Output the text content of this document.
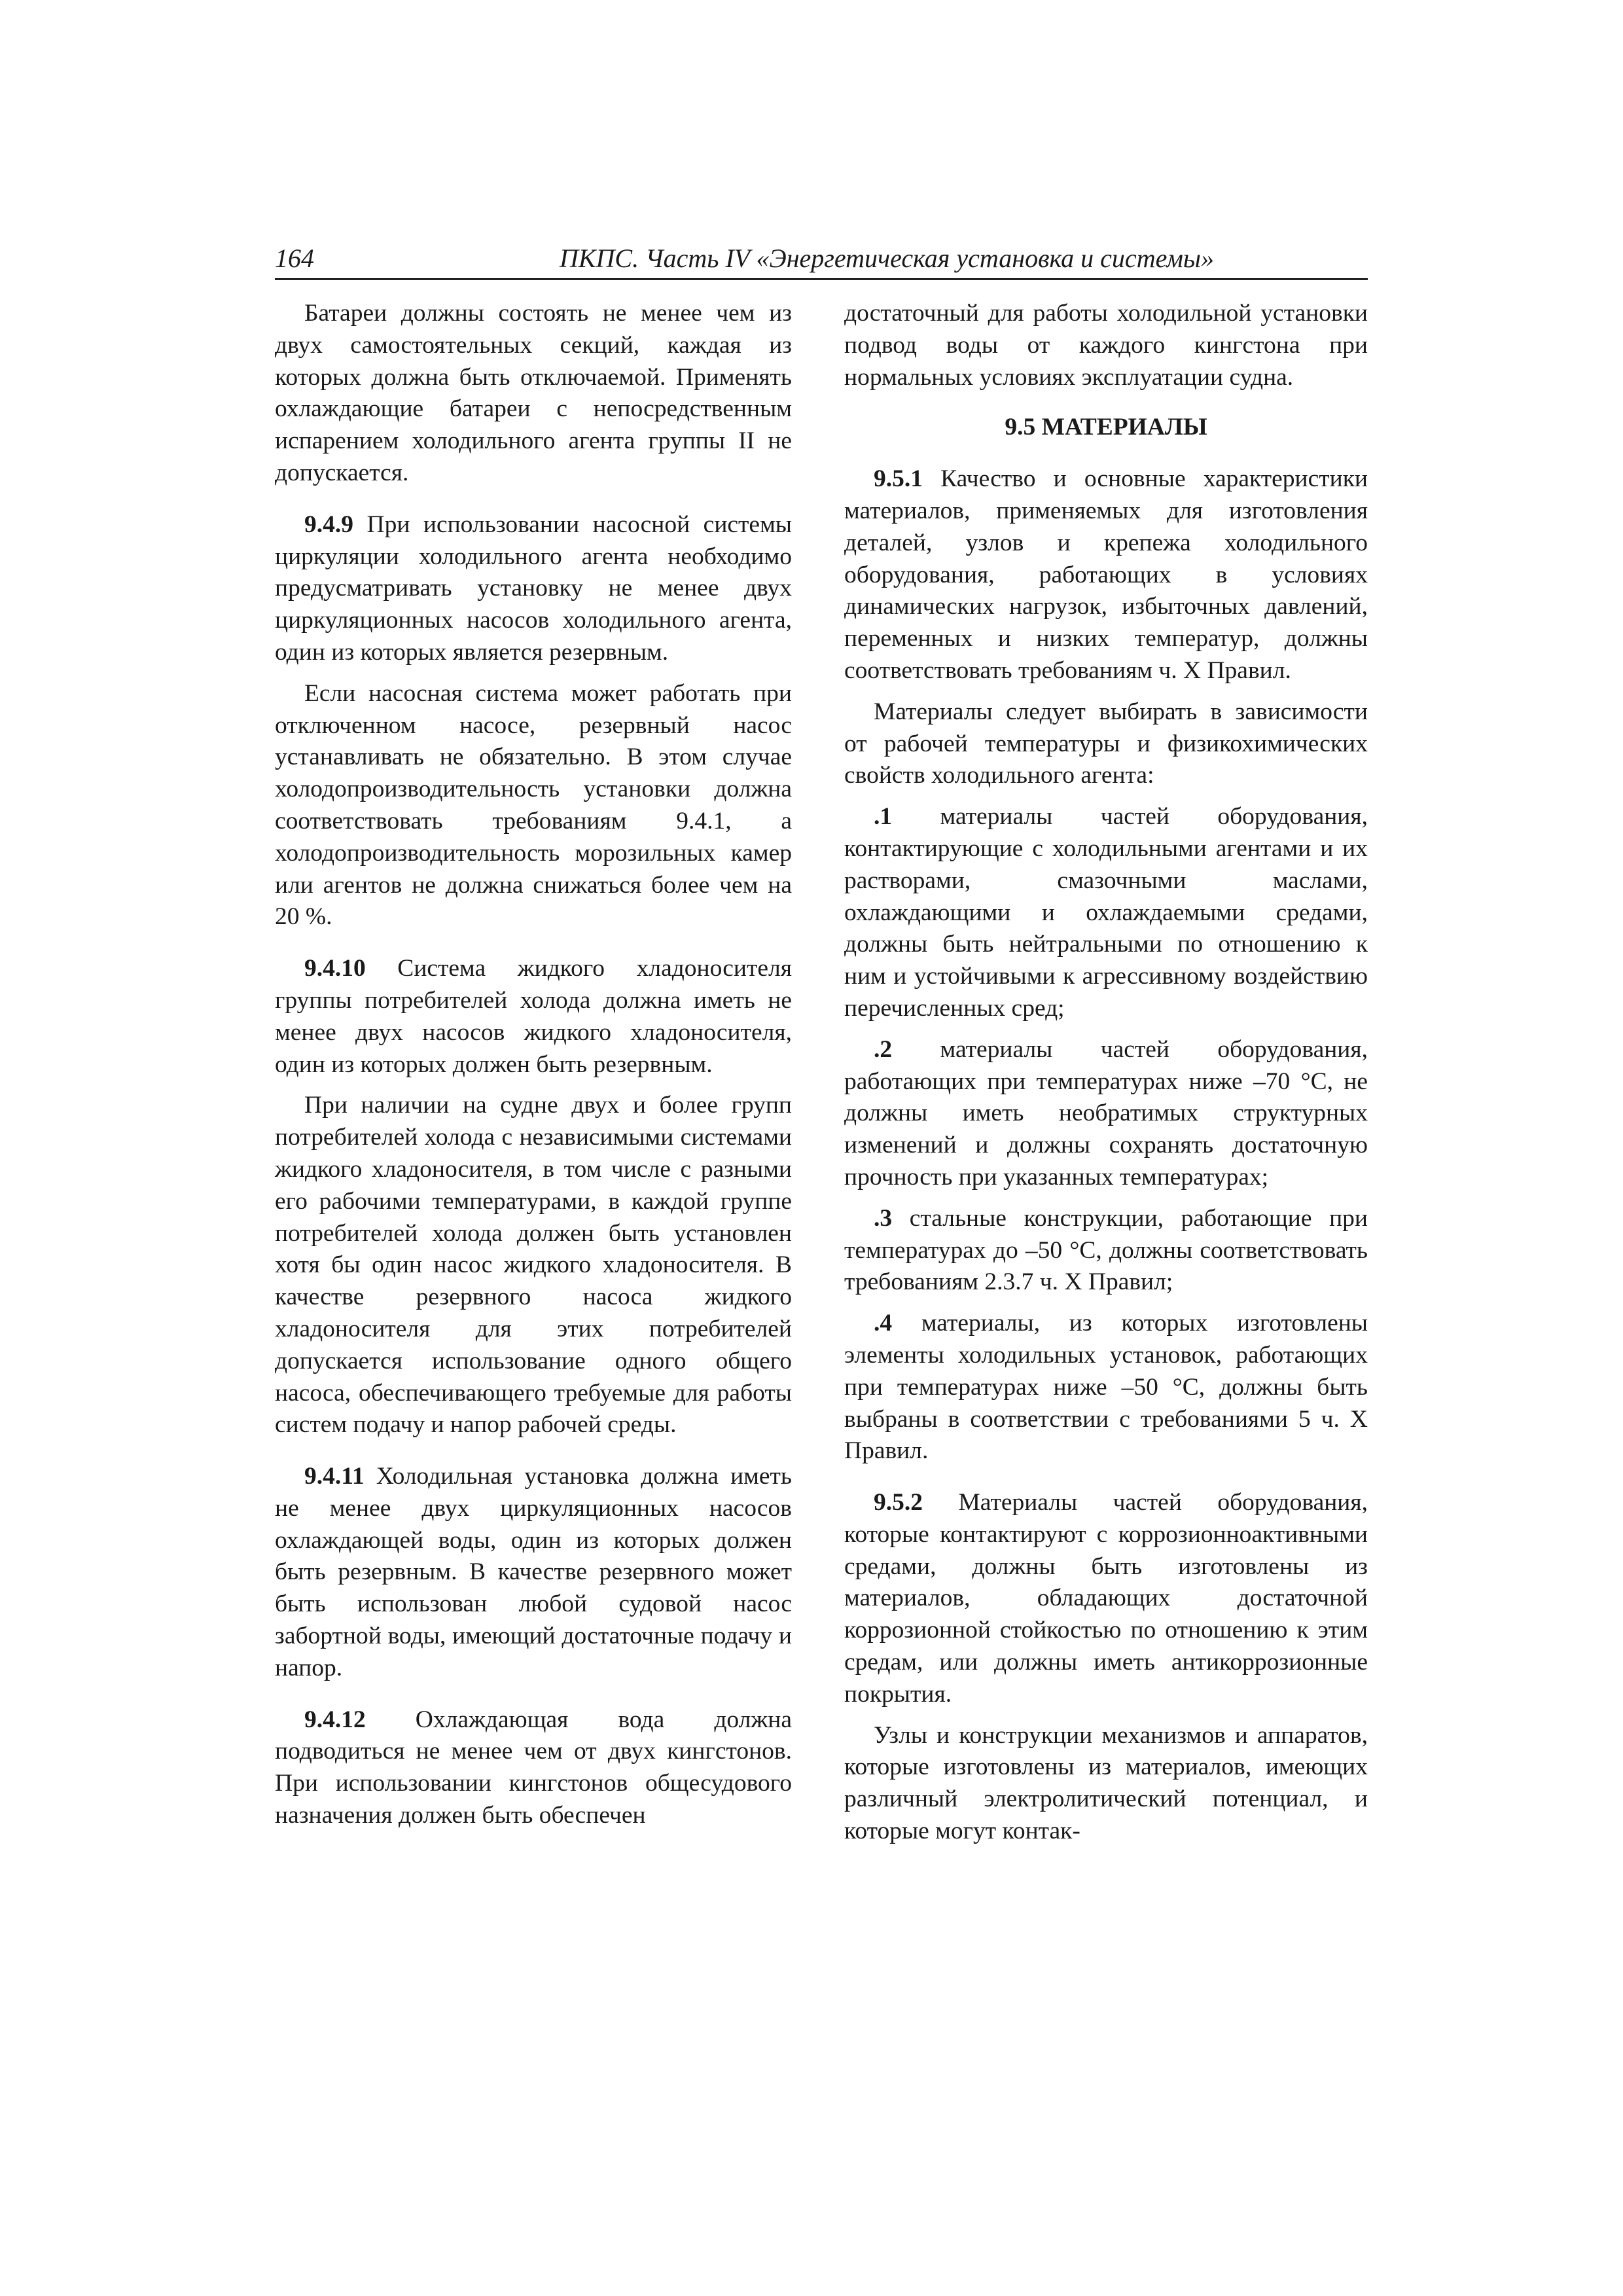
164	ПКПС. Часть IV «Энергетическая установка и системы»

Батареи должны состоять не менее чем из двух самостоятельных секций, каждая из которых должна быть отключаемой. Применять охлаждающие батареи с непосредственным испарением холодильного агента группы II не допускается.

9.4.9 При использовании насосной системы циркуляции холодильного агента необходимо предусматривать установку не менее двух циркуляционных насосов холодильного агента, один из которых является резервным.

Если насосная система может работать при отключенном насосе, резервный насос устанавливать не обязательно. В этом случае холодопроизводительность установки должна соответствовать требованиям 9.4.1, а холодопроизводительность морозильных камер или агентов не должна снижаться более чем на 20 %.

9.4.10 Система жидкого хладоносителя группы потребителей холода должна иметь не менее двух насосов жидкого хладоносителя, один из которых должен быть резервным.

При наличии на судне двух и более групп потребителей холода с независимыми системами жидкого хладоносителя, в том числе с разными его рабочими температурами, в каждой группе потребителей холода должен быть установлен хотя бы один насос жидкого хладоносителя. В качестве резервного насоса жидкого хладоносителя для этих потребителей допускается использование одного общего насоса, обеспечивающего требуемые для работы систем подачу и напор рабочей среды.

9.4.11 Холодильная установка должна иметь не менее двух циркуляционных насосов охлаждающей воды, один из которых должен быть резервным. В качестве резервного может быть использован любой судовой насос забортной воды, имеющий достаточные подачу и напор.

9.4.12 Охлаждающая вода должна подводиться не менее чем от двух кингстонов. При использовании кингстонов общесудового назначения должен быть обеспечен

достаточный для работы холодильной установки подвод воды от каждого кингстона при нормальных условиях эксплуатации судна.

9.5 МАТЕРИАЛЫ

9.5.1 Качество и основные характеристики материалов, применяемых для изготовления деталей, узлов и крепежа холодильного оборудования, работающих в условиях динамических нагрузок, избыточных давлений, переменных и низких температур, должны соответствовать требованиям ч. X Правил.

Материалы следует выбирать в зависимости от рабочей температуры и физикохимических свойств холодильного агента:

.1 материалы частей оборудования, контактирующие с холодильными агентами и их растворами, смазочными маслами, охлаждающими и охлаждаемыми средами, должны быть нейтральными по отношению к ним и устойчивыми к агрессивному воздействию перечисленных сред;

.2 материалы частей оборудования, работающих при температурах ниже –70 °С, не должны иметь необратимых структурных изменений и должны сохранять достаточную прочность при указанных температурах;

.3 стальные конструкции, работающие при температурах до –50 °С, должны соответствовать требованиям 2.3.7 ч. X Правил;

.4 материалы, из которых изготовлены элементы холодильных установок, работающих при температурах ниже –50 °С, должны быть выбраны в соответствии с требованиями 5 ч. X Правил.

9.5.2 Материалы частей оборудования, которые контактируют с коррозионноактивными средами, должны быть изготовлены из материалов, обладающих достаточной коррозионной стойкостью по отношению к этим средам, или должны иметь антикоррозионные покрытия.

Узлы и конструкции механизмов и аппаратов, которые изготовлены из материалов, имеющих различный электролитический потенциал, и которые могут контак-
